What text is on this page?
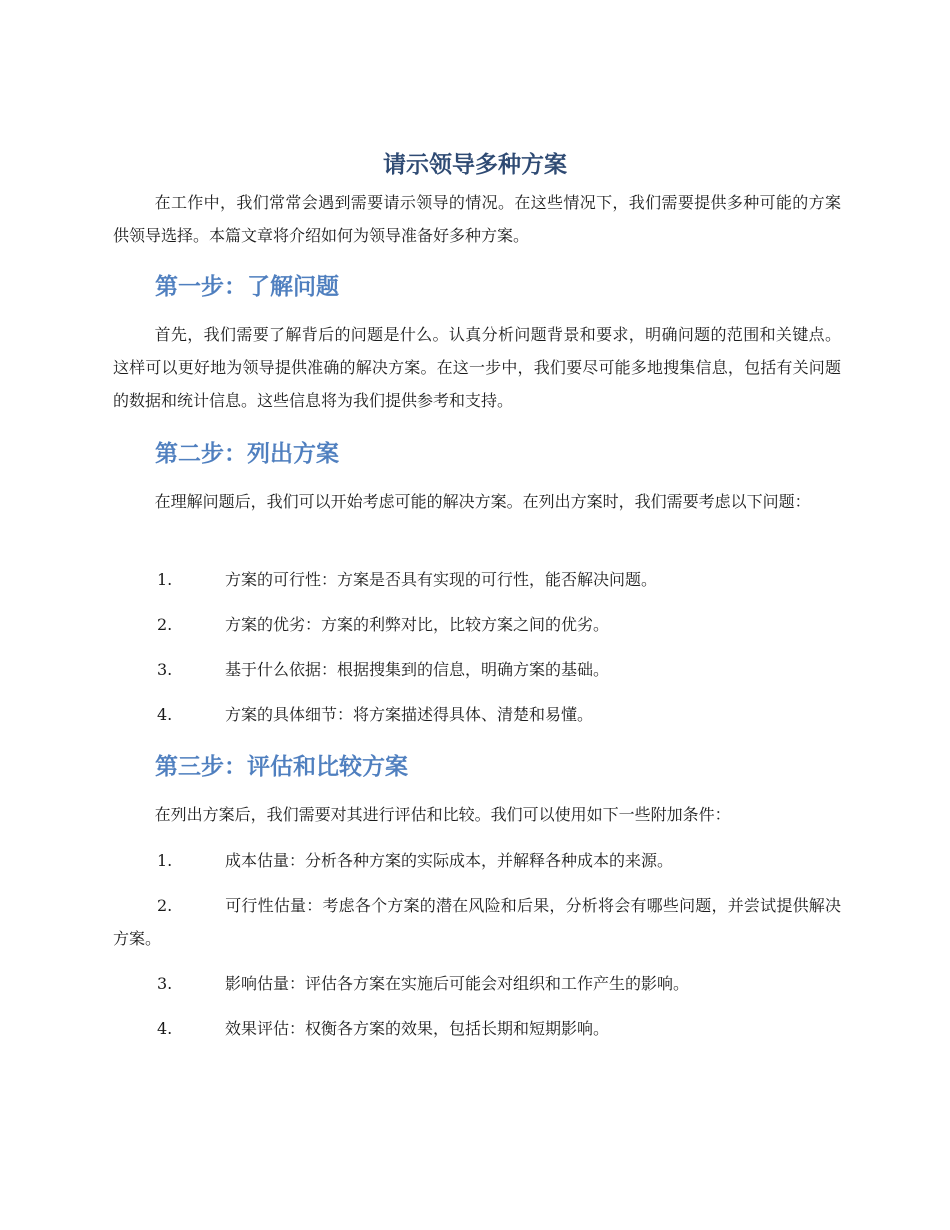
请示领导多种方案

在工作中，我们常常会遇到需要请示领导的情况。在这些情况下，我们需要提供多种可能的方案供领导选择。本篇文章将介绍如何为领导准备好多种方案。

第一步：了解问题

首先，我们需要了解背后的问题是什么。认真分析问题背景和要求，明确问题的范围和关键点。这样可以更好地为领导提供准确的解决方案。在这一步中，我们要尽可能多地搜集信息，包括有关问题的数据和统计信息。这些信息将为我们提供参考和支持。

第二步：列出方案

在理解问题后，我们可以开始考虑可能的解决方案。在列出方案时，我们需要考虑以下问题：

1.	方案的可行性：方案是否具有实现的可行性，能否解决问题。

2.	方案的优劣：方案的利弊对比，比较方案之间的优劣。

3.	基于什么依据：根据搜集到的信息，明确方案的基础。

4.	方案的具体细节：将方案描述得具体、清楚和易懂。

第三步：评估和比较方案

在列出方案后，我们需要对其进行评估和比较。我们可以使用如下一些附加条件：

1.	成本估量：分析各种方案的实际成本，并解释各种成本的来源。

2.	可行性估量：考虑各个方案的潜在风险和后果，分析将会有哪些问题，并尝试提供解决方案。

3.	影响估量：评估各方案在实施后可能会对组织和工作产生的影响。

4.	效果评估：权衡各方案的效果，包括长期和短期影响。
